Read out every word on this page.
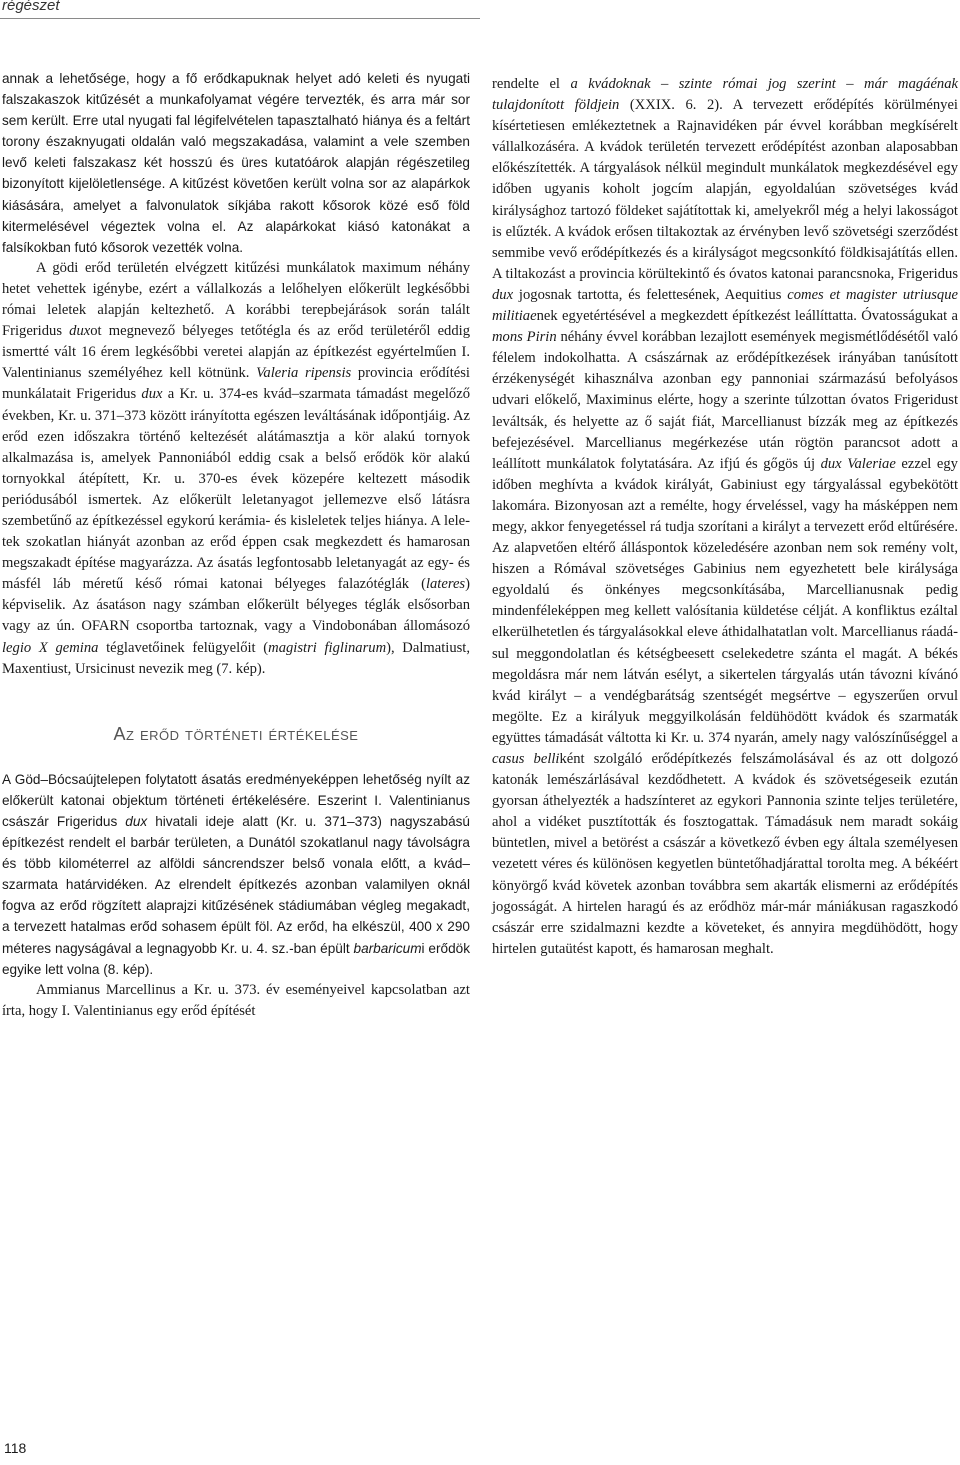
régészet

annak a lehetősége, hogy a fő erődkapuknak helyet adó keleti és nyugati falszakaszok kitűzését a munkafolyamat végére tervezték, és arra már sor sem került. Erre utal nyugati fal légifelvételen tapasztalható hiánya és a feltárt torony északnyugati oldalán való megszakadása, valamint a vele szemben levő keleti falszakasz két hosszú és üres kutatóárok alapján régészetileg bizonyított kijelöletlensége. A kitűzést követően került volna sor az alapárkok kiásására, amelyet a falvonulatok síkjába rakott kősorok közé eső föld kitermelésével végeztek volna el. Az alapárkokat kiásó katonákat a falsíkokban futó kősorok vezették volna.

A gödi erőd területén elvégzett kitűzési munkálatok maximum néhány hetet vehettek igénybe, ezért a vállalkozás a lelőhelyen előkerült legkésőbbi római leletek alapján keltezhető. A korábbi terepbejárások során talált Frigeridus duxot megnevező bélyeges tetőtégla és az erőd területéről eddig ismertté vált 16 érem legkésőbbi veretei alapján az építkezést egyértelműen I. Valentinianus személyéhez kell kötnünk. Valeria ripensis provincia erődítési munkálatait Frigeridus dux a Kr. u. 374-es kvád–szarmata támadást megelőző években, Kr. u. 371–373 között irányította egészen leváltásának időpontjáig. Az erőd ezen időszakra történő keltezését alátámasztja a kör alakú tornyok alkalmazása is, amelyek Pannoniából eddig csak a belső erődök kör alakú tornyokkal átépített, Kr. u. 370-es évek közepére keltezett második periódusából ismertek. Az előkerült leletanyagot jellemezve első látásra szembetűnő az építkezéssel egykorú kerámia- és kisleletek teljes hiánya. A leletek szokatlan hiányát azonban az erőd éppen csak megkezdett és hamarosan megszakadt építése magyarázza. Az ásatás legfontosabb leletanyagát az egy- és másfél láb méretű késő római katonai bélyeges falazótéglák (lateres) képviselik. Az ásatáson nagy számban előkerült bélyeges téglák elsősorban vagy az ún. OFARN csoportba tartoznak, vagy a Vindobonában állomásozó legio X gemina téglavetőinek felügyelőit (magistri figlinarum), Dalmatiust, Maxentiust, Ursicinust nevezik meg (7. kép).

Az erőd történeti értékelése

A Göd–Bócsaújtelepen folytatott ásatás eredményeképpen lehetőség nyílt az előkerült katonai objektum történeti értékelésére. Eszerint I. Valentinianus császár Frigeridus dux hivatali ideje alatt (Kr. u. 371–373) nagyszabású építkezést rendelt el barbár területen, a Dunától szokatlanul nagy távolságra és több kilométerrel az alföldi sáncrendszer belső vonala előtt, a kvád–szarmata határvidéken. Az elrendelt építkezés azonban valamilyen oknál fogva az erőd rögzített alaprajzi kitűzésének stádiumában végleg megakadt, a tervezett hatalmas erőd sohasem épült föl. Az erőd, ha elkészül, 400 x 290 méteres nagyságával a legnagyobb Kr. u. 4. sz.-ban épült barbaricumi erődök egyike lett volna (8. kép).

Ammianus Marcellinus a Kr. u. 373. év eseményeivel kapcsolatban azt írta, hogy I. Valentinianus egy erőd építését

rendelte el a kvádoknak – szinte római jog szerint – már magáénak tulajdonított földjein (XXIX. 6. 2). A tervezett erődépítés körülményei kísértetiesen emlékeztetnek a Rajnavidéken pár évvel korábban megkísérelt vállalkozáséra. A kvádok területén tervezett erődépítést azonban alaposabban előkészítették. A tárgyalások nélkül megindult munkálatok megkezdésével egy időben ugyanis koholt jogcím alapján, egyoldalúan szövetséges kvád királysághoz tartozó földeket sajátítottak ki, amelyekről még a helyi lakosságot is elűzték. A kvádok erősen tiltakoztak az érvényben levő szövetségi szerződést semmibe vevő erődépítkezés és a királyságot megcsonkító földkisajátítás ellen. A tiltakozást a provincia körültekintő és óvatos katonai parancsnoka, Frigeridus dux jogosnak tartotta, és felettesének, Aequitius comes et magister utriusque militiaenek egyetértésével a megkezdett építkezést leállíttatta. Óvatosságukat a mons Pirin néhány évvel korábban lezajlott események megismétlődésétől való félelem indokolhatta. A császárnak az erődépítkezések irányában tanúsított érzékenységét kihasználva azonban egy pannoniai származású befolyásos udvari előkelő, Maximinus elérte, hogy a szerinte túlzottan óvatos Frigeridust leváltsák, és helyette az ő saját fiát, Marcellianust bízzák meg az építkezés befejezésével. Marcellianus megérkezése után rögtön parancsot adott a leállított munkálatok folytatására. Az ifjú és gőgös új dux Valeriae ezzel egy időben meghívta a kvádok királyát, Gabiniust egy tárgyalással egybekötött lakomára. Bizonyosan azt a remélte, hogy érveléssel, vagy ha másképpen nem megy, akkor fenyegetéssel rá tudja szorítani a királyt a tervezett erőd eltűrésére. Az alapvetően eltérő álláspontok közeledésére azonban nem sok remény volt, hiszen a Rómával szövetséges Gabinius nem egyezhetett bele királysága egyoldalú és önkényes megcsonkításába, Marcellianusnak pedig mindenféleképpen meg kellett valósítania küldetése célját. A konfliktus ezáltal elkerülhetetlen és tárgyalásokkal eleve áthidalhatatlan volt. Marcellianus ráadásul meggondolatlan és kétségbeesett cselekedetre szánta el magát. A békés megoldásra már nem látván esélyt, a sikertelen tárgyalás után távozni kívánó kvád királyt – a vendégbarátság szentségét megsértve – egyszerűen orvul megölte. Ez a királyuk meggyilkolásán feldühödött kvádok és szarmaták együttes támadását váltotta ki Kr. u. 374 nyarán, amely nagy valószínűséggel a casus belliként szolgáló erődépítkezés felszámolásával és az ott dolgozó katonák lemészárlásával kezdődhetett. A kvádok és szövetségeseik ezután gyorsan áthelyezték a hadszínteret az egykori Pannonia szinte teljes területére, ahol a vidéket pusztították és fosztogattak. Támadásuk nem maradt sokáig büntetlen, mivel a betörést a császár a következő évben egy általa személyesen vezetett véres és különösen kegyetlen büntetőhadjárattal torolta meg. A békéért könyörgő kvád követek azonban továbbra sem akarták elismerni az erődépítés jogosságát. A hirtelen haragú és az erődhöz már-már mániákusan ragaszkodó császár erre szidalmazni kezdte a követeket, és annyira megdühödött, hogy hirtelen gutaütést kapott, és hamarosan meghalt.

118
